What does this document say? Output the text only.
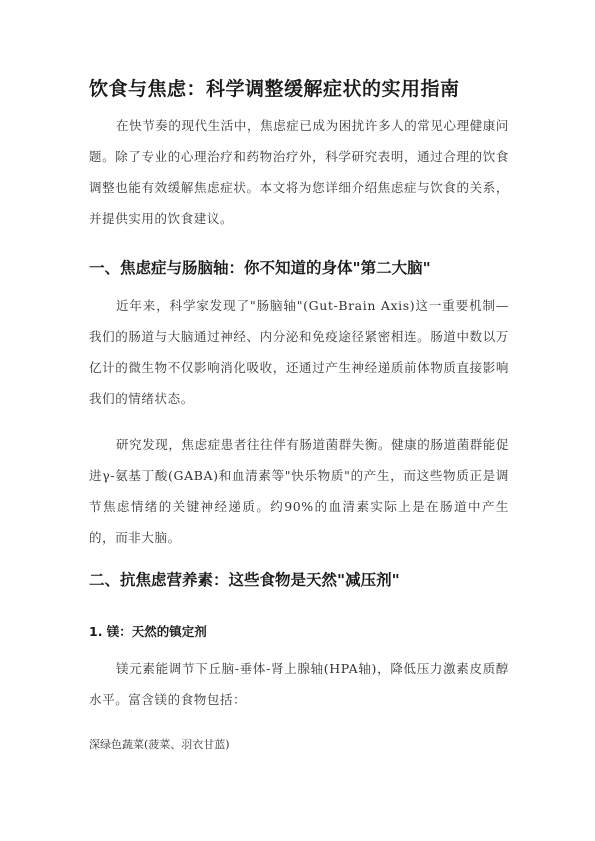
饮食与焦虑：科学调整缓解症状的实用指南

在快节奏的现代生活中，焦虑症已成为困扰许多人的常见心理健康问题。除了专业的心理治疗和药物治疗外，科学研究表明，通过合理的饮食调整也能有效缓解焦虑症状。本文将为您详细介绍焦虑症与饮食的关系，并提供实用的饮食建议。

一、焦虑症与肠脑轴：你不知道的身体"第二大脑"

近年来，科学家发现了"肠脑轴"(Gut-Brain Axis)这一重要机制—我们的肠道与大脑通过神经、内分泌和免疫途径紧密相连。肠道中数以万亿计的微生物不仅影响消化吸收，还通过产生神经递质前体物质直接影响我们的情绪状态。

研究发现，焦虑症患者往往伴有肠道菌群失衡。健康的肠道菌群能促进γ-氨基丁酸(GABA)和血清素等"快乐物质"的产生，而这些物质正是调节焦虑情绪的关键神经递质。约90%的血清素实际上是在肠道中产生的，而非大脑。

二、抗焦虑营养素：这些食物是天然"减压剂"
1. 镁：天然的镇定剂

镁元素能调节下丘脑-垂体-肾上腺轴(HPA轴)，降低压力激素皮质醇水平。富含镁的食物包括：

深绿色蔬菜(菠菜、羽衣甘蓝)
